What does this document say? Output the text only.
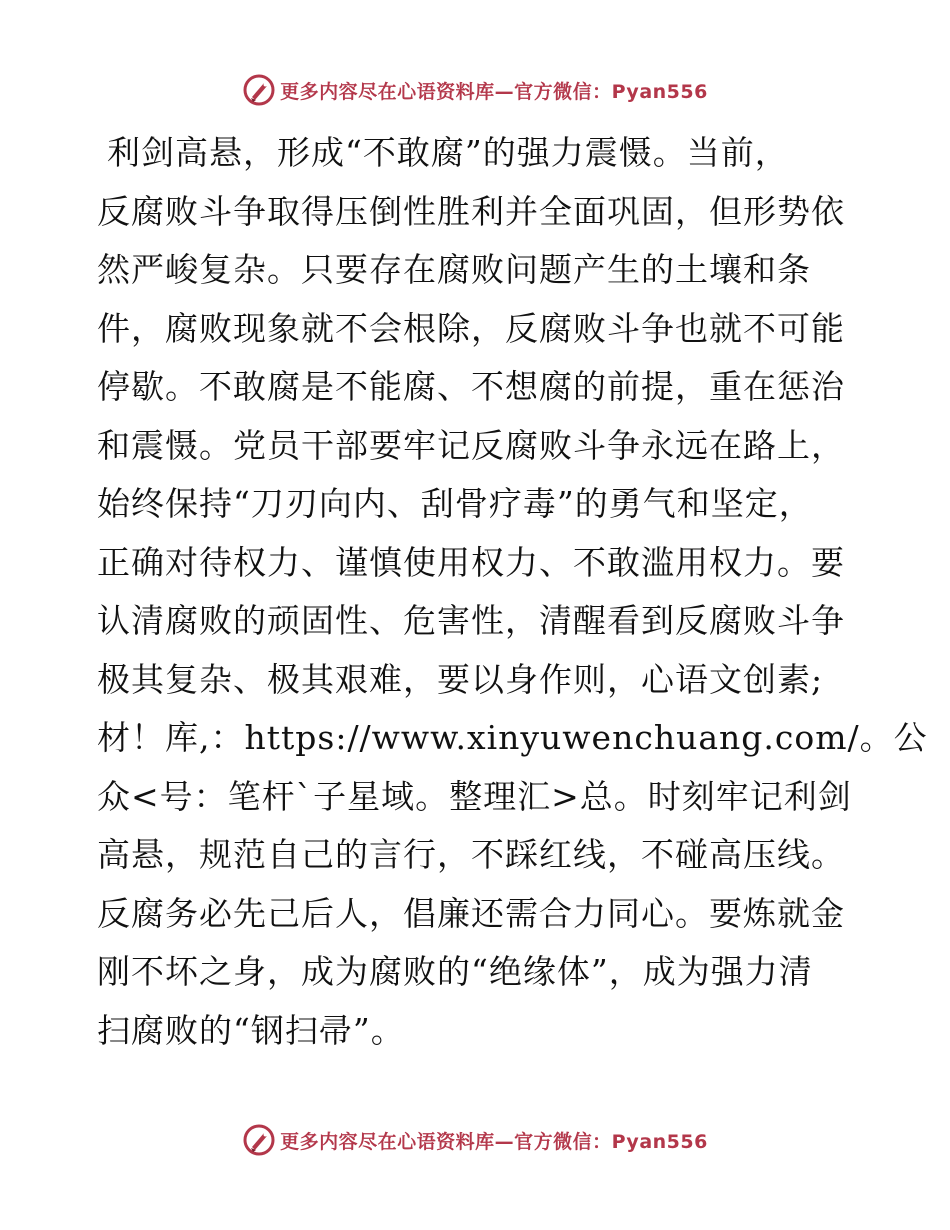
更多内容尽在心语资料库—官方微信：Pyan556
利剑高悬，形成“不敢腐”的强力震慑。当前，
反腐败斗争取得压倒性胜利并全面巩固，但形势依
然严峻复杂。只要存在腐败问题产生的土壤和条
件，腐败现象就不会根除，反腐败斗争也就不可能
停歇。不敢腐是不能腐、不想腐的前提，重在惩治
和震慑。党员干部要牢记反腐败斗争永远在路上，
始终保持“刀刃向内、刮骨疗毒”的勇气和坚定，
正确对待权力、谨慎使用权力、不敢滥用权力。要
认清腐败的顽固性、危害性，清醒看到反腐败斗争
极其复杂、极其艰难，要以身作则，心语文创素;
材！库,：https://www.xinyuwenchuang.com/。公
众<号：笔杆`子星域。整理汇>总。时刻牢记利剑
高悬，规范自己的言行，不踩红线，不碰高压线。
反腐务必先己后人，倡廉还需合力同心。要炼就金
刚不坏之身，成为腐败的“绝缘体”，成为强力清
扫腐败的“钢扫帚”。
更多内容尽在心语资料库—官方微信：Pyan556
